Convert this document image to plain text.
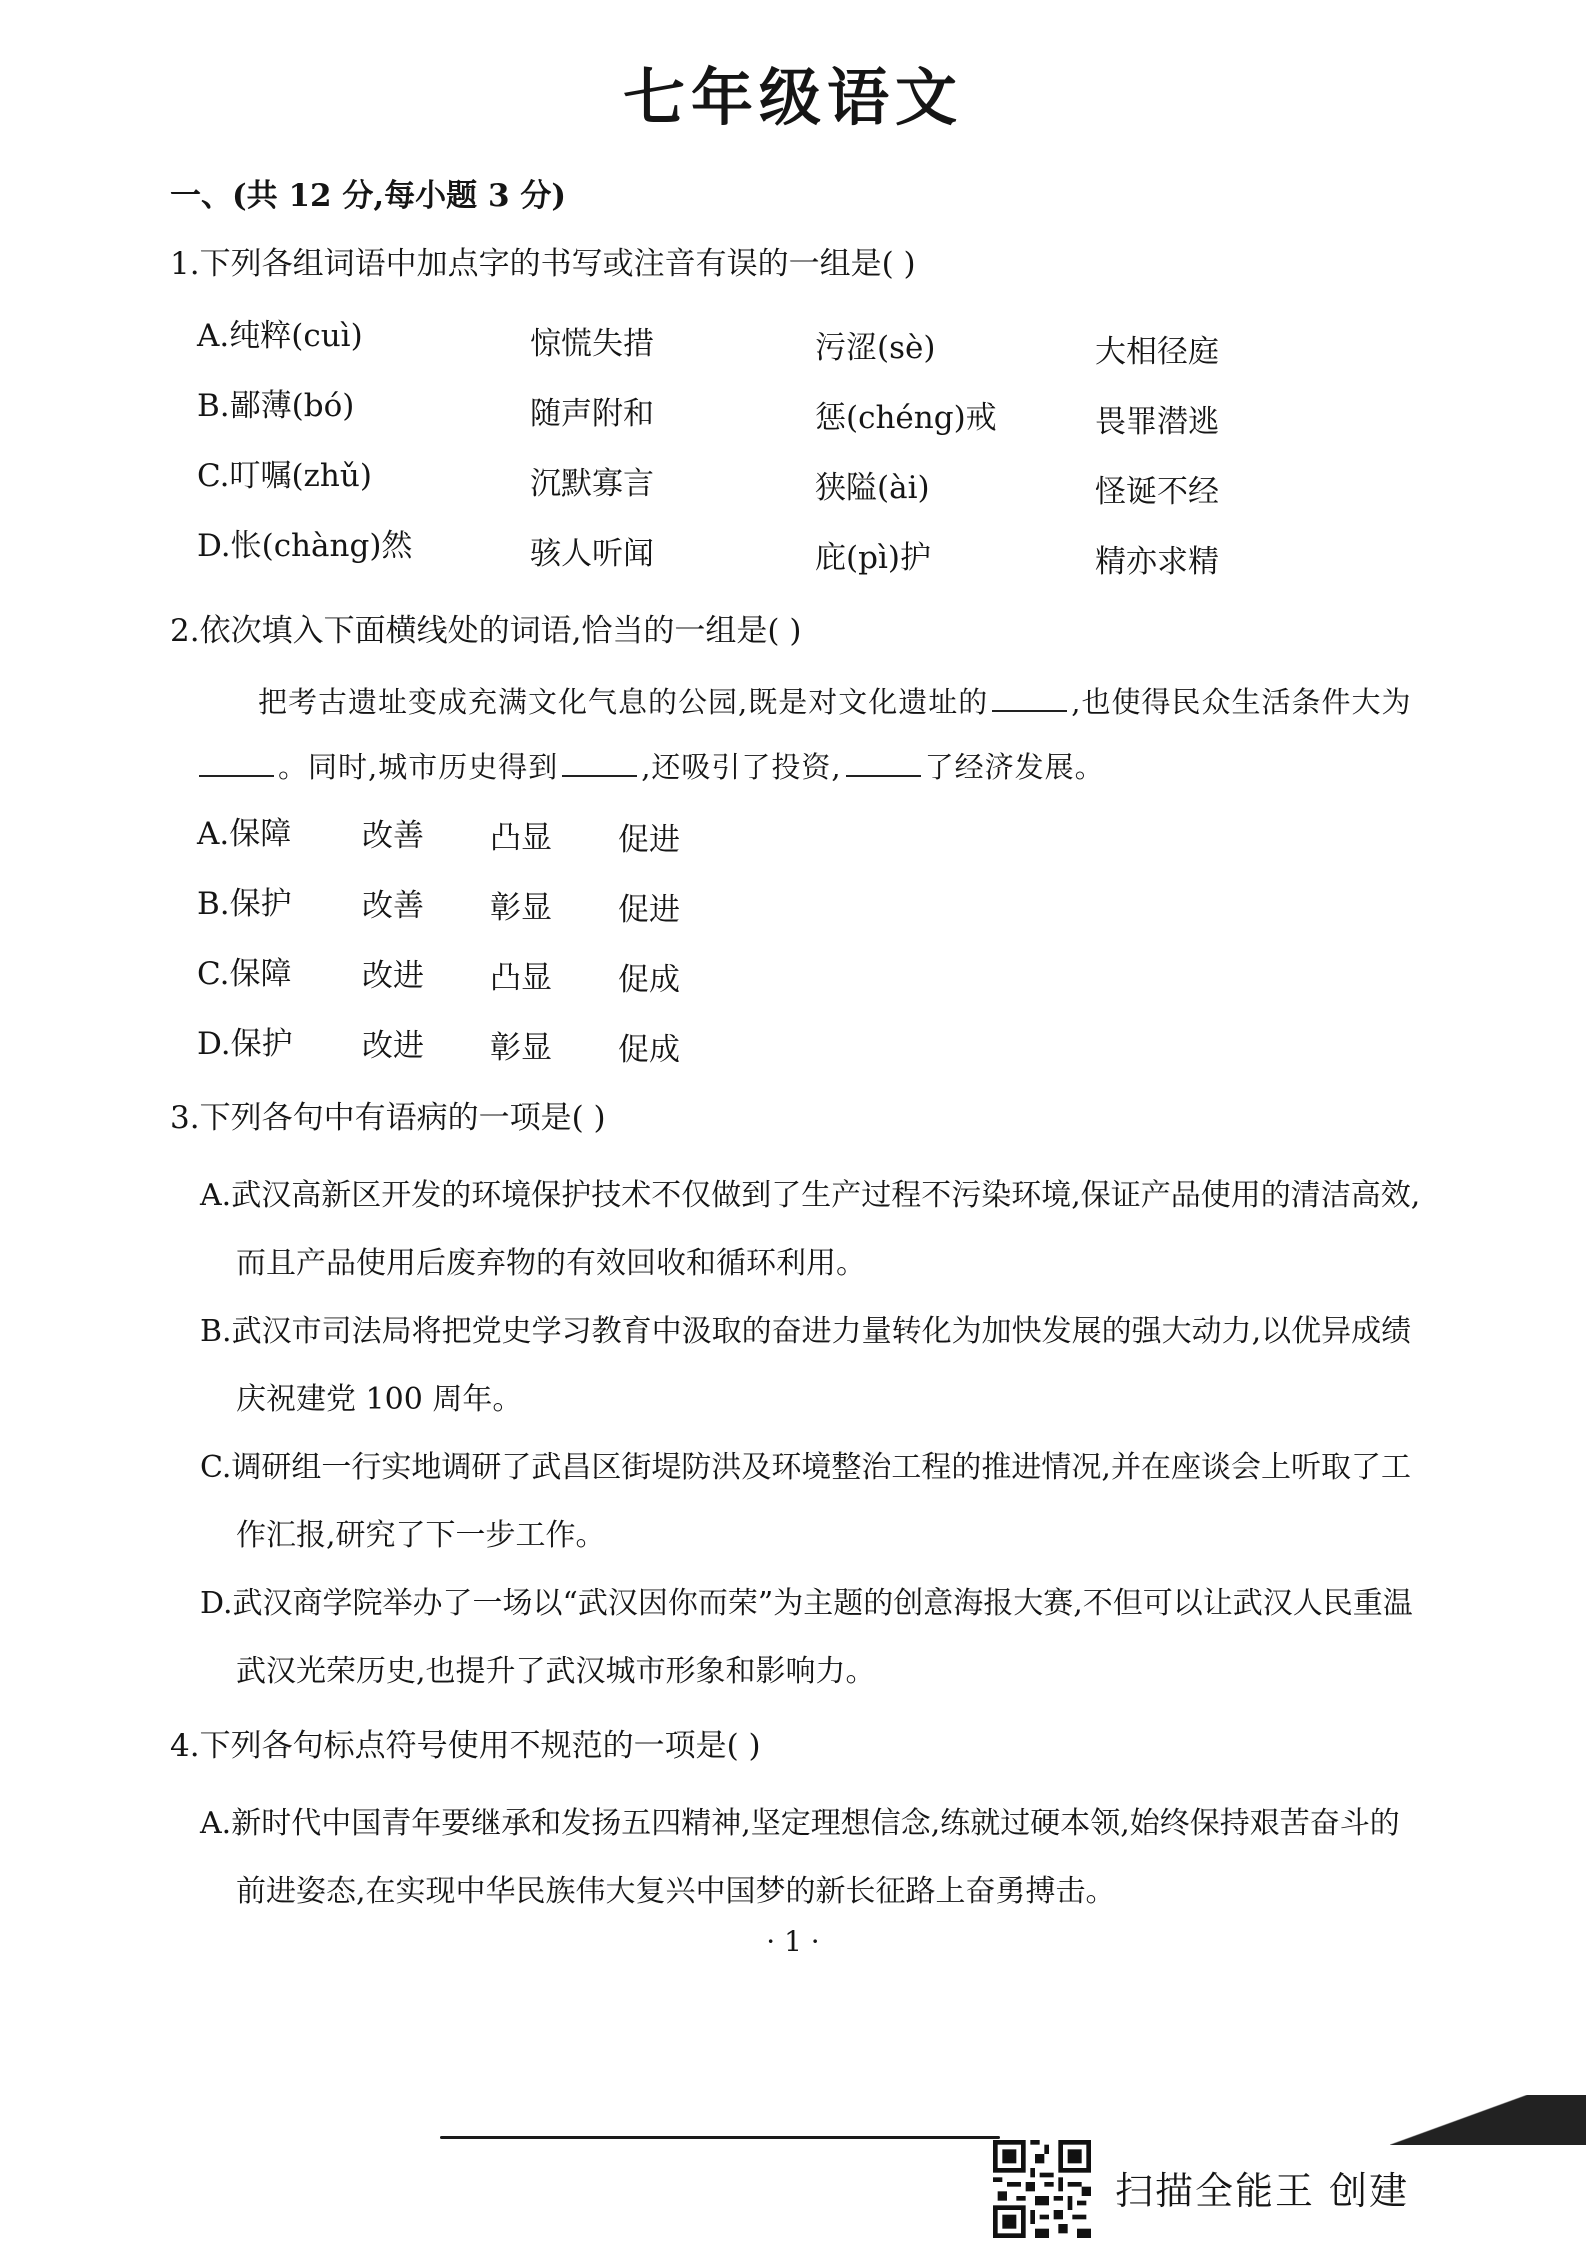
七年级语文
一、(共 12 分,每小题 3 分)
1.下列各组词语中加点字的书写或注音有误的一组是( )
A.纯粹(cuì)	惊慌失措	污涩(sè)	大相径庭
B.鄙薄(bó)	随声附和	惩(chéng)戒	畏罪潜逃
C.叮嘱(zhǔ)	沉默寡言	狭隘(ài)	怪诞不经
D.怅(chàng)然	骇人听闻	庇(pì)护	精亦求精
2.依次填入下面横线处的词语,恰当的一组是( )
把考古遗址变成充满文化气息的公园,既是对文化遗址的	,也使得民众生活条件大为
。同时,城市历史得到	,还吸引了投资,	了经济发展。
A.保障 改善 凸显 促进
B.保护 改善 彰显 促进
C.保障 改进 凸显 促成
D.保护 改进 彰显 促成
3.下列各句中有语病的一项是( )
A.武汉高新区开发的环境保护技术不仅做到了生产过程不污染环境,保证产品使用的清洁高效,
而且产品使用后废弃物的有效回收和循环利用。
B.武汉市司法局将把党史学习教育中汲取的奋进力量转化为加快发展的强大动力,以优异成绩
庆祝建党 100 周年。
C.调研组一行实地调研了武昌区街堤防洪及环境整治工程的推进情况,并在座谈会上听取了工
作汇报,研究了下一步工作。
D.武汉商学院举办了一场以“武汉因你而荣”为主题的创意海报大赛,不但可以让武汉人民重温
武汉光荣历史,也提升了武汉城市形象和影响力。
4.下列各句标点符号使用不规范的一项是( )
A.新时代中国青年要继承和发扬五四精神,坚定理想信念,练就过硬本领,始终保持艰苦奋斗的
前进姿态,在实现中华民族伟大复兴中国梦的新长征路上奋勇搏击。
· 1 ·
扫描全能王 创建
